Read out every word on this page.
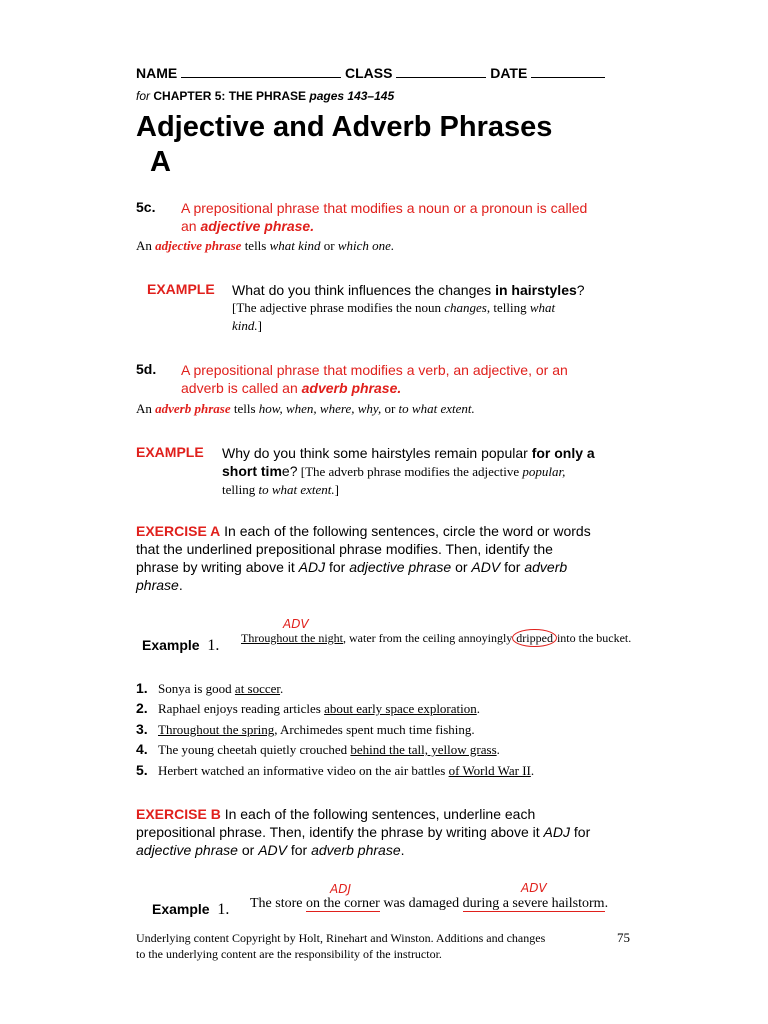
NAME	CLASS	DATE
for CHAPTER 5: THE PHRASE pages 143–145
Adjective and Adverb Phrases
A
5c. A prepositional phrase that modifies a noun or a pronoun is called
an adjective phrase.
An adjective phrase tells what kind or which one.
EXAMPLE What do you think influences the changes in hairstyles?
[The adjective phrase modifies the noun changes, telling what
kind.]
5d. A prepositional phrase that modifies a verb, an adjective, or an
adverb is called an adverb phrase.
An adverb phrase tells how, when, where, why, or to what extent.
EXAMPLE Why do you think some hairstyles remain popular for only a
short time? [The adverb phrase modifies the adjective popular,
telling to what extent.]
EXERCISE A In each of the following sentences, circle the word or words
that the underlined prepositional phrase modifies. Then, identify the
phrase by writing above it ADJ for adjective phrase or ADV for adverb
phrase.
Example 1.
ADV
Throughout the night, water from the ceiling annoyingly dripped into the bucket.
1. Sonya is good at soccer.
2. Raphael enjoys reading articles about early space exploration.
3. Throughout the spring, Archimedes spent much time fishing.
4. The young cheetah quietly crouched behind the tall, yellow grass.
5. Herbert watched an informative video on the air battles of World War II.
EXERCISE B In each of the following sentences, underline each
prepositional phrase. Then, identify the phrase by writing above it ADJ for
adjective phrase or ADV for adverb phrase.
Example 1.
ADJ	ADV
The store on the corner was damaged during a severe hailstorm.
Underlying content Copyright by Holt, Rinehart and Winston. Additions and changes
to the underlying content are the responsibility of the instructor.
75
